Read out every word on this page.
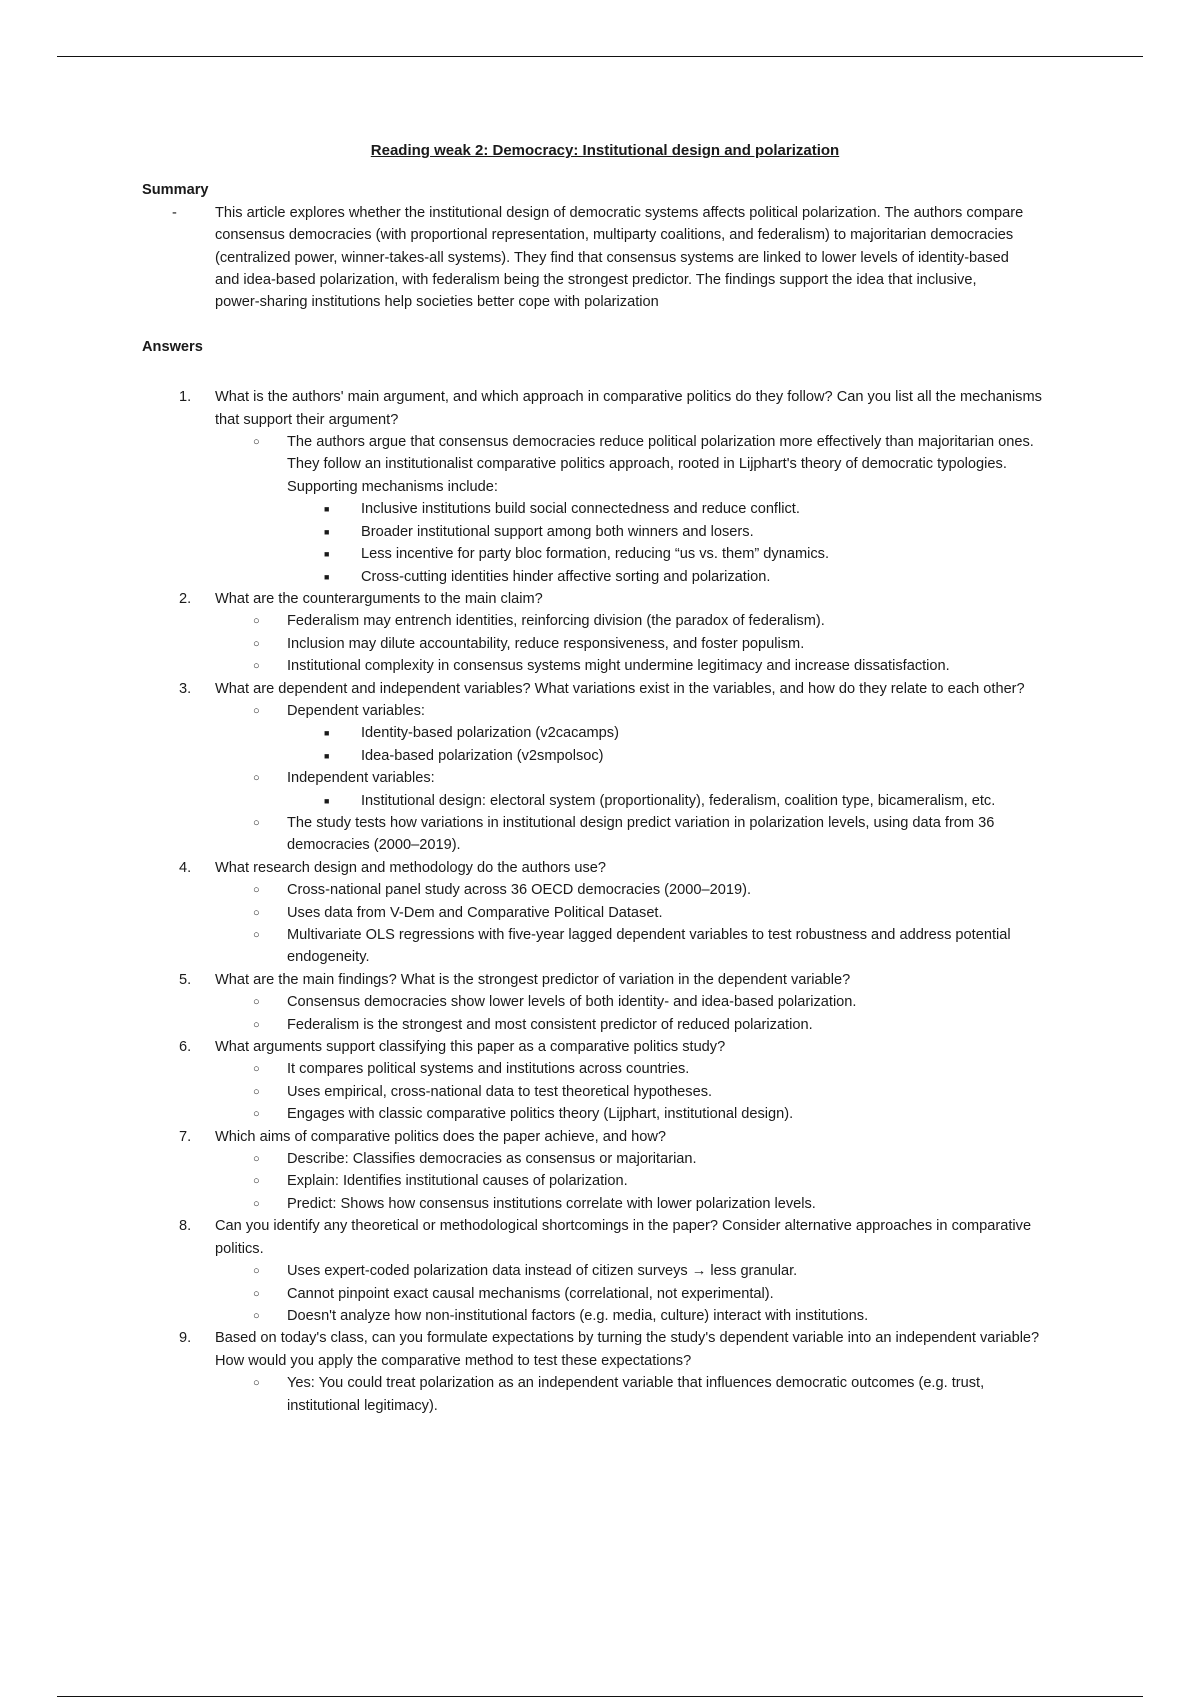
Reading weak 2: Democracy: Institutional design and polarization
Summary
-	This article explores whether the institutional design of democratic systems affects political polarization. The authors compare consensus democracies (with proportional representation, multiparty coalitions, and federalism) to majoritarian democracies (centralized power, winner-takes-all systems). They find that consensus systems are linked to lower levels of identity-based and idea-based polarization, with federalism being the strongest predictor. The findings support the idea that inclusive, power-sharing institutions help societies better cope with polarization
Answers
1.	What is the authors' main argument, and which approach in comparative politics do they follow? Can you list all the mechanisms that support their argument?
○	The authors argue that consensus democracies reduce political polarization more effectively than majoritarian ones. They follow an institutionalist comparative politics approach, rooted in Lijphart's theory of democratic typologies.
Supporting mechanisms include:
■	Inclusive institutions build social connectedness and reduce conflict.
■	Broader institutional support among both winners and losers.
■	Less incentive for party bloc formation, reducing “us vs. them” dynamics.
■	Cross-cutting identities hinder affective sorting and polarization.
2.	What are the counterarguments to the main claim?
○	Federalism may entrench identities, reinforcing division (the paradox of federalism).
○	Inclusion may dilute accountability, reduce responsiveness, and foster populism.
○	Institutional complexity in consensus systems might undermine legitimacy and increase dissatisfaction.
3.	What are dependent and independent variables? What variations exist in the variables, and how do they relate to each other?
○	Dependent variables:
■	Identity-based polarization (v2cacamps)
■	Idea-based polarization (v2smpolsoc)
○	Independent variables:
■	Institutional design: electoral system (proportionality), federalism, coalition type, bicameralism, etc.
○	The study tests how variations in institutional design predict variation in polarization levels, using data from 36 democracies (2000–2019).
4.	What research design and methodology do the authors use?
○	Cross-national panel study across 36 OECD democracies (2000–2019).
○	Uses data from V-Dem and Comparative Political Dataset.
○	Multivariate OLS regressions with five-year lagged dependent variables to test robustness and address potential endogeneity.
5.	What are the main findings? What is the strongest predictor of variation in the dependent variable?
○	Consensus democracies show lower levels of both identity- and idea-based polarization.
○	Federalism is the strongest and most consistent predictor of reduced polarization.
6.	What arguments support classifying this paper as a comparative politics study?
○	It compares political systems and institutions across countries.
○	Uses empirical, cross-national data to test theoretical hypotheses.
○	Engages with classic comparative politics theory (Lijphart, institutional design).
7.	Which aims of comparative politics does the paper achieve, and how?
○	Describe: Classifies democracies as consensus or majoritarian.
○	Explain: Identifies institutional causes of polarization.
○	Predict: Shows how consensus institutions correlate with lower polarization levels.
8.	Can you identify any theoretical or methodological shortcomings in the paper? Consider alternative approaches in comparative politics.
○	Uses expert-coded polarization data instead of citizen surveys → less granular.
○	Cannot pinpoint exact causal mechanisms (correlational, not experimental).
○	Doesn't analyze how non-institutional factors (e.g. media, culture) interact with institutions.
9.	Based on today's class, can you formulate expectations by turning the study's dependent variable into an independent variable? How would you apply the comparative method to test these expectations?
○	Yes: You could treat polarization as an independent variable that influences democratic outcomes (e.g. trust, institutional legitimacy).
